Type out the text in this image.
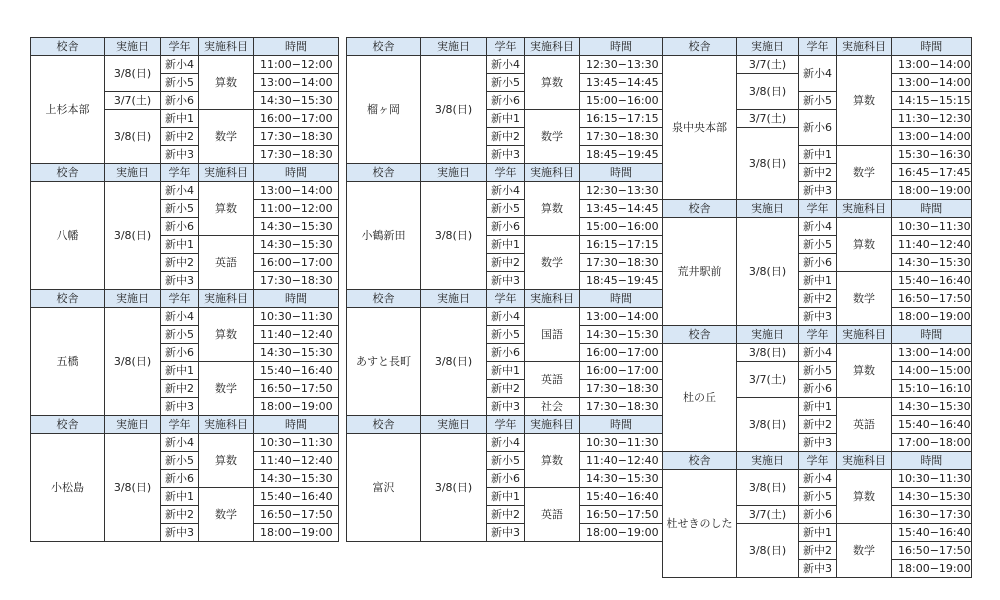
校舎	実施日	学年	実施科目	時間
上杉本部	3/8(日)	新小4	算数	11:00−12:00
		新小5		13:00−14:00
	3/7(土)	新小6		14:30−15:30
	3/8(日)	新中1	数学	16:00−17:00
		新中2		17:30−18:30
		新中3		17:30−18:30
校舎	実施日	学年	実施科目	時間
八幡	3/8(日)	新小4	算数	13:00−14:00
		新小5		11:00−12:00
		新小6		14:30−15:30
		新中1	英語	14:30−15:30
		新中2		16:00−17:00
		新中3		17:30−18:30
校舎	実施日	学年	実施科目	時間
五橋	3/8(日)	新小4	算数	10:30−11:30
		新小5		11:40−12:40
		新小6		14:30−15:30
		新中1	数学	15:40−16:40
		新中2		16:50−17:50
		新中3		18:00−19:00
校舎	実施日	学年	実施科目	時間
小松島	3/8(日)	新小4	算数	10:30−11:30
		新小5		11:40−12:40
		新小6		14:30−15:30
		新中1	数学	15:40−16:40
		新中2		16:50−17:50
		新中3		18:00−19:00
校舎	実施日	学年	実施科目	時間
榴ヶ岡	3/8(日)	新小4	算数	12:30−13:30
		新小5		13:45−14:45
		新小6		15:00−16:00
		新中1	数学	16:15−17:15
		新中2		17:30−18:30
		新中3		18:45−19:45
校舎	実施日	学年	実施科目	時間
小鶴新田	3/8(日)	新小4	算数	12:30−13:30
		新小5		13:45−14:45
		新小6		15:00−16:00
		新中1	数学	16:15−17:15
		新中2		17:30−18:30
		新中3		18:45−19:45
校舎	実施日	学年	実施科目	時間
あすと長町	3/8(日)	新小4	国語	13:00−14:00
		新小5		14:30−15:30
		新小6		16:00−17:00
		新中1	英語	16:00−17:00
		新中2		17:30−18:30
		新中3	社会	17:30−18:30
校舎	実施日	学年	実施科目	時間
富沢	3/8(日)	新小4	算数	10:30−11:30
		新小5		11:40−12:40
		新小6		14:30−15:30
		新中1	英語	15:40−16:40
		新中2		16:50−17:50
		新中3		18:00−19:00
校舎	実施日	学年	実施科目	時間
泉中央本部	3/7(土)	新小4	算数	13:00−14:00
	3/8(日)			13:00−14:00
		新小5		14:15−15:15
	3/7(土)	新小6		11:30−12:30
	3/8(日)			13:00−14:00
		新中1	数学	15:30−16:30
		新中2		16:45−17:45
		新中3		18:00−19:00
校舎	実施日	学年	実施科目	時間
荒井駅前	3/8(日)	新小4	算数	10:30−11:30
		新小5		11:40−12:40
		新小6		14:30−15:30
		新中1	数学	15:40−16:40
		新中2		16:50−17:50
		新中3		18:00−19:00
校舎	実施日	学年	実施科目	時間
杜の丘	3/8(日)	新小4	算数	13:00−14:00
	3/7(土)	新小5		14:00−15:00
		新小6		15:10−16:10
	3/8(日)	新中1	英語	14:30−15:30
		新中2		15:40−16:40
		新中3		17:00−18:00
校舎	実施日	学年	実施科目	時間
杜せきのした	3/8(日)	新小4	算数	10:30−11:30
		新小5		14:30−15:30
	3/7(土)	新小6		16:30−17:30
	3/8(日)	新中1	数学	15:40−16:40
		新中2		16:50−17:50
		新中3		18:00−19:00
